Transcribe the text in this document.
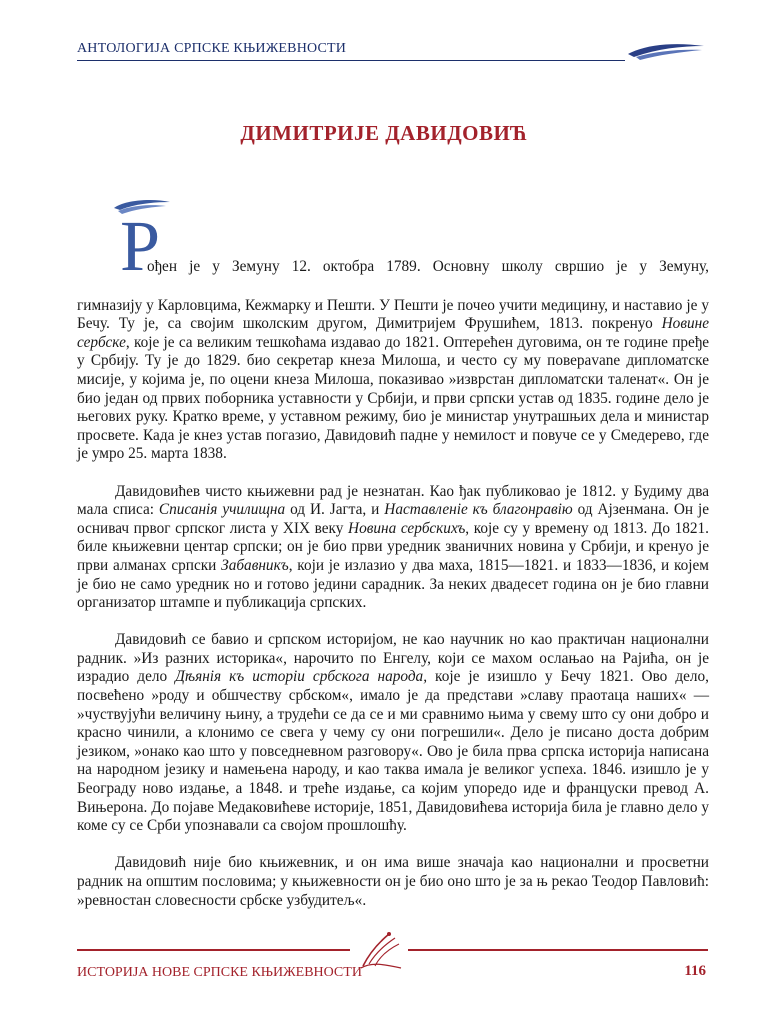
АНТОЛОГИЈА СРПСКЕ КЊИЖЕВНОСТИ
ДИМИТРИЈЕ ДАВИДОВИЋ
Р

ођен је у Земуну 12. октобра 1789. Основну школу свршио је у Земуну,
гимназију у Карловцима, Кежмарку и Пешти. У Пешти је почео учити медицину, и наставио је у Бечу. Ту је, са својим школским другом, Димитријем Фрушићем, 1813. покренуо Новине сербске, које је са великим тешкоћама издавао до 1821. Оптерећен дуговима, он те године пређе у Србију. Ту је до 1829. био секретар кнеза Милоша, и често су му поверavane дипломатске мисије, у којима је, по оцени кнеза Милоша, показивао »изврстан дипломатски таленат«. Он је био један од првих поборника уставности у Србији, и први српски устав од 1835. године дело је његових руку. Кратко време, у уставном режиму, био је министар унутрашњих дела и министар просвете. Када је кнез устав погазио, Давидовић падне у немилост и повуче се у Смедерево, где је умро 25. марта 1838.

Давидовићев чисто књижевни рад је незнатан. Као ђак публиковао је 1812. у Будиму два мала списа: Списанія училищна од И. Јагта, и Наставленіе къ благонравію од Ајзенмана. Он је оснивач првог српског листа у XIX веку Новина сербскихъ, које су у времену од 1813. До 1821. биле књижевни центар српски; он је био први уредник званичних новина у Србији, и кренуо је први алманах српски Забавникъ, који је излазио у два маха, 1815—1821. и 1833—1836, и којем је био не само уредник но и готово једини сарадник. За неких двадесет година он је био главни организатор штампе и публикација српских.

Давидовић се бавио и српском историјом, не као научник но као практичан национални радник. »Из разних историка«, нарочито по Енгелу, који се махом ослањао на Рајића, он је израдио дело Дѣянія къ исторіи србскога народа, које је изишло у Бечу 1821. Ово дело, посвећено »роду и обшчеству србском«, имало је да представи »славу праотаца наших« — »чуствујући величину њину, а трудећи се да се и ми сравнимо њима у свему што су они добро и красно чинили, а клонимо се свега у чему су они погрешили«. Дело је писано доста добрим језиком, »онако као што у повседневном разговору«. Ово је била прва српска историја написана на народном језику и намењена народу, и као таква имала је великог успеха. 1846. изишло је у Београду ново издање, а 1848. и треће издање, са којим упоредо иде и француски превод А. Вињерона. До појаве Медаковићеве историје, 1851, Давидовићева историја била је главно дело у коме су се Срби упознавали са својом прошлошћу.

Давидовић није био књижевник, и он има више значаја као национални и просветни радник на општим пословима; у књижевности он је био оно што је за њ рекао Теодор Павловић: »ревностан словесности србске узбудитељ«.

ИСТОРИЈА НОВЕ СРПСКЕ КЊИЖЕВНОСТИ	116
